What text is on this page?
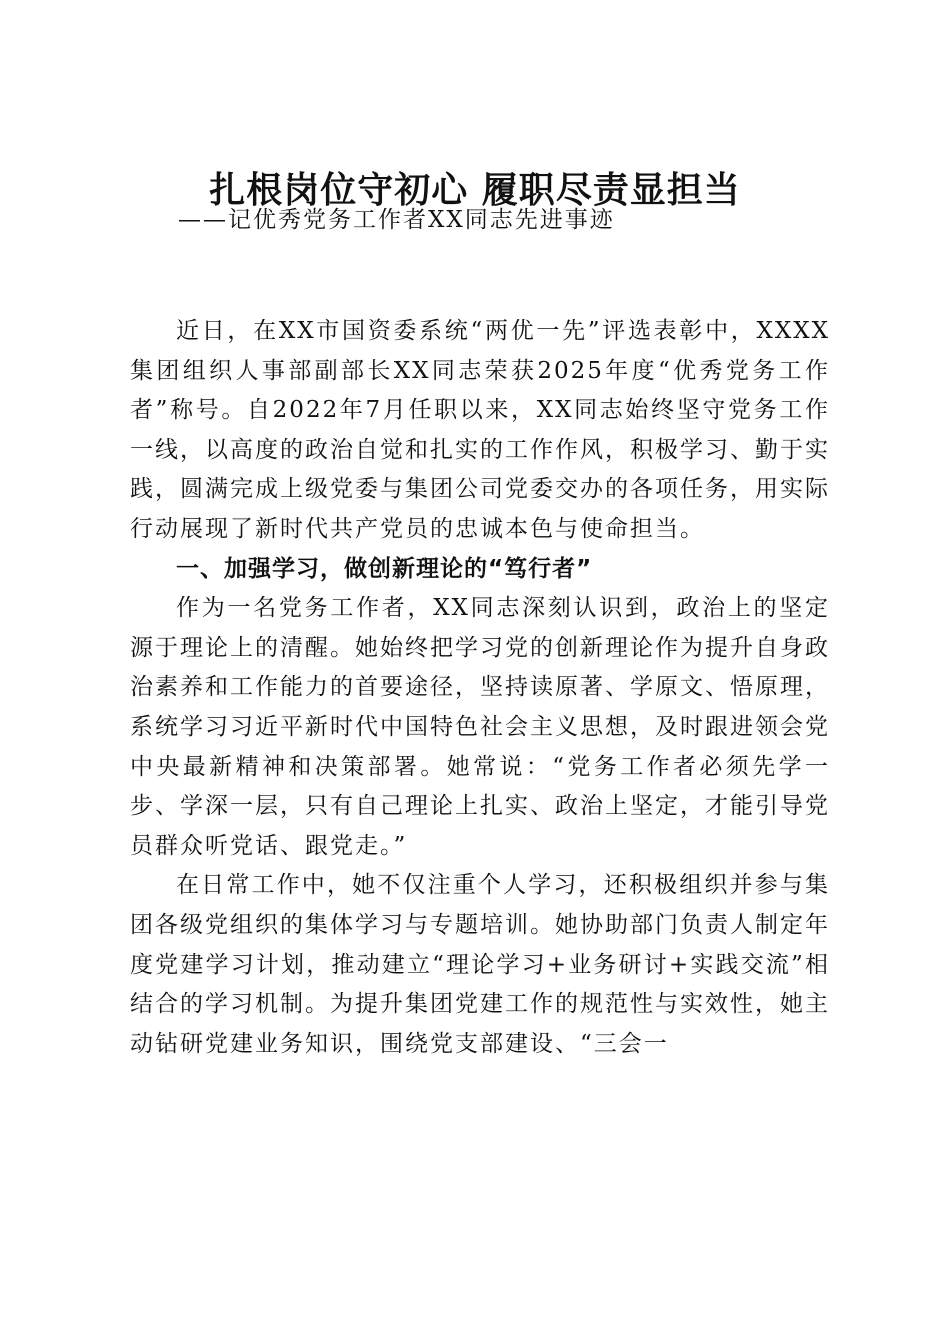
扎根岗位守初心 履职尽责显担当
——记优秀党务工作者XX同志先进事迹

近日，在XX市国资委系统“两优一先”评选表彰中，XXXX集团组织人事部副部长XX同志荣获2025年度“优秀党务工作者”称号。自2022年7月任职以来，XX同志始终坚守党务工作一线，以高度的政治自觉和扎实的工作作风，积极学习、勤于实践，圆满完成上级党委与集团公司党委交办的各项任务，用实际行动展现了新时代共产党员的忠诚本色与使命担当。

一、加强学习，做创新理论的“笃行者”

作为一名党务工作者，XX同志深刻认识到，政治上的坚定源于理论上的清醒。她始终把学习党的创新理论作为提升自身政治素养和工作能力的首要途径，坚持读原著、学原文、悟原理，系统学习习近平新时代中国特色社会主义思想，及时跟进领会党中央最新精神和决策部署。她常说：“党务工作者必须先学一步、学深一层，只有自己理论上扎实、政治上坚定，才能引导党员群众听党话、跟党走。”

在日常工作中，她不仅注重个人学习，还积极组织并参与集团各级党组织的集体学习与专题培训。她协助部门负责人制定年度党建学习计划，推动建立“理论学习+业务研讨+实践交流”相结合的学习机制。为提升集团党建工作的规范性与实效性，她主动钻研党建业务知识，围绕党支部建设、“三会一
